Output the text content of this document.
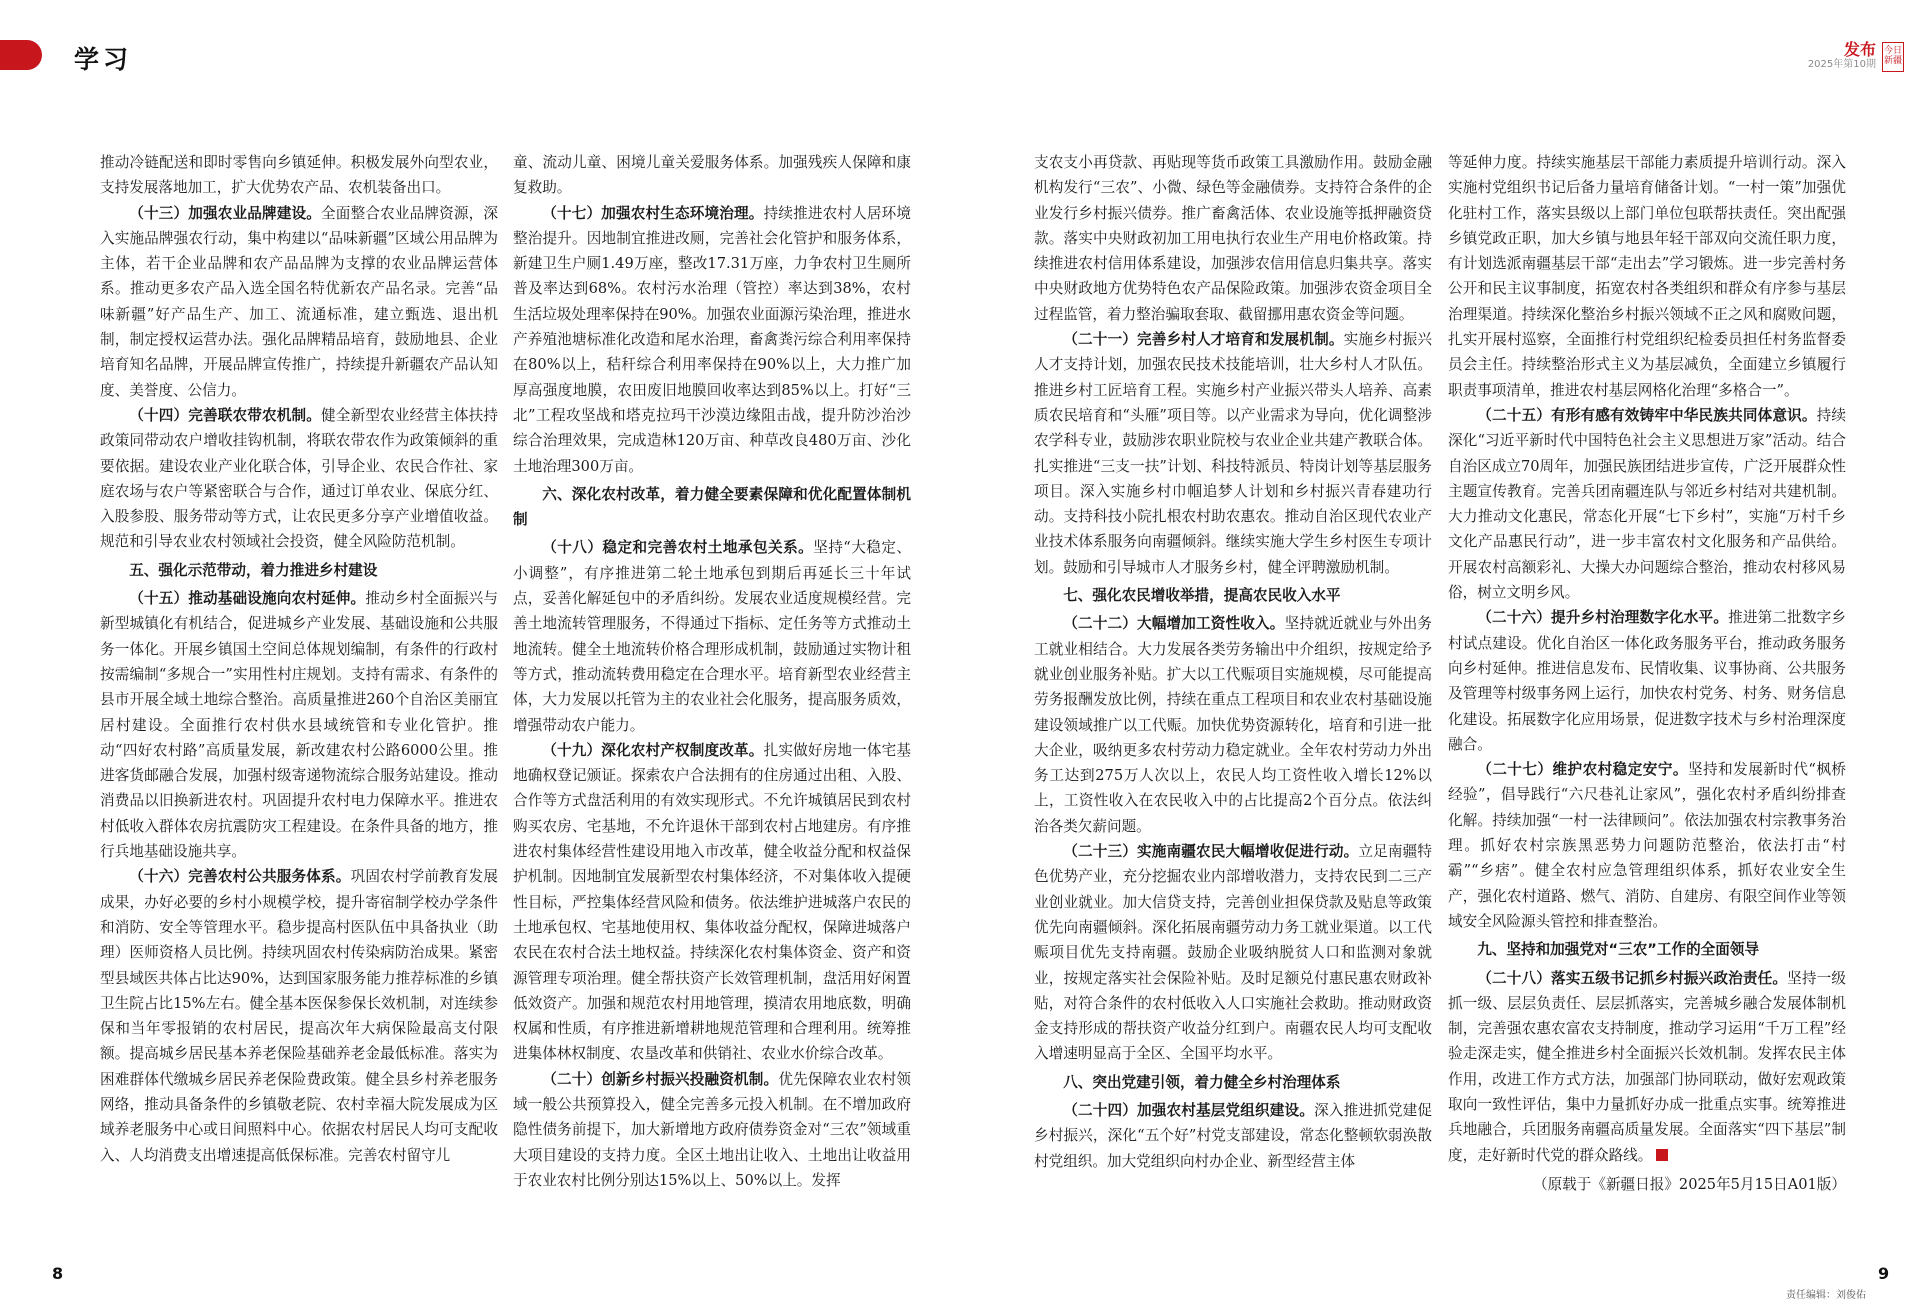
学习	发布
2025年第10期
今日新疆

推动冷链配送和即时零售向乡镇延伸。积极发展外向型农业，支持发展落地加工，扩大优势农产品、农机装备出口。

（十三）加强农业品牌建设。全面整合农业品牌资源，深入实施品牌强农行动，集中构建以“品味新疆”区域公用品牌为主体，若干企业品牌和农产品品牌为支撑的农业品牌运营体系。推动更多农产品入选全国名特优新农产品名录。完善“品味新疆”好产品生产、加工、流通标准，建立甄选、退出机制，制定授权运营办法。强化品牌精品培育，鼓励地县、企业培育知名品牌，开展品牌宣传推广，持续提升新疆农产品认知度、美誉度、公信力。

（十四）完善联农带农机制。健全新型农业经营主体扶持政策同带动农户增收挂钩机制，将联农带农作为政策倾斜的重要依据。建设农业产业化联合体，引导企业、农民合作社、家庭农场与农户等紧密联合与合作，通过订单农业、保底分红、入股参股、服务带动等方式，让农民更多分享产业增值收益。规范和引导农业农村领域社会投资，健全风险防范机制。

五、强化示范带动，着力推进乡村建设

（十五）推动基础设施向农村延伸。推动乡村全面振兴与新型城镇化有机结合，促进城乡产业发展、基础设施和公共服务一体化。开展乡镇国土空间总体规划编制，有条件的行政村按需编制“多规合一”实用性村庄规划。支持有需求、有条件的县市开展全域土地综合整治。高质量推进260个自治区美丽宜居村建设。全面推行农村供水县域统管和专业化管护。推动“四好农村路”高质量发展，新改建农村公路6000公里。推进客货邮融合发展，加强村级寄递物流综合服务站建设。推动消费品以旧换新进农村。巩固提升农村电力保障水平。推进农村低收入群体农房抗震防灾工程建设。在条件具备的地方，推行兵地基础设施共享。

（十六）完善农村公共服务体系。巩固农村学前教育发展成果，办好必要的乡村小规模学校，提升寄宿制学校办学条件和消防、安全等管理水平。稳步提高村医队伍中具备执业（助理）医师资格人员比例。持续巩固农村传染病防治成果。紧密型县域医共体占比达90%，达到国家服务能力推荐标准的乡镇卫生院占比15%左右。健全基本医保参保长效机制，对连续参保和当年零报销的农村居民，提高次年大病保险最高支付限额。提高城乡居民基本养老保险基础养老金最低标准。落实为困难群体代缴城乡居民养老保险费政策。健全县乡村养老服务网络，推动具备条件的乡镇敬老院、农村幸福大院发展成为区域养老服务中心或日间照料中心。依据农村居民人均可支配收入、人均消费支出增速提高低保标准。完善农村留守儿

童、流动儿童、困境儿童关爱服务体系。加强残疾人保障和康复救助。

（十七）加强农村生态环境治理。持续推进农村人居环境整治提升。因地制宜推进改厕，完善社会化管护和服务体系，新建卫生户厕1.49万座，整改17.31万座，力争农村卫生厕所普及率达到68%。农村污水治理（管控）率达到38%，农村生活垃圾处理率保持在90%。加强农业面源污染治理，推进水产养殖池塘标准化改造和尾水治理，畜禽粪污综合利用率保持在80%以上，秸秆综合利用率保持在90%以上，大力推广加厚高强度地膜，农田废旧地膜回收率达到85%以上。打好“三北”工程攻坚战和塔克拉玛干沙漠边缘阻击战，提升防沙治沙综合治理效果，完成造林120万亩、种草改良480万亩、沙化土地治理300万亩。

六、深化农村改革，着力健全要素保障和优化配置体制机制

（十八）稳定和完善农村土地承包关系。坚持“大稳定、小调整”，有序推进第二轮土地承包到期后再延长三十年试点，妥善化解延包中的矛盾纠纷。发展农业适度规模经营。完善土地流转管理服务，不得通过下指标、定任务等方式推动土地流转。健全土地流转价格合理形成机制，鼓励通过实物计租等方式，推动流转费用稳定在合理水平。培育新型农业经营主体，大力发展以托管为主的农业社会化服务，提高服务质效，增强带动农户能力。

（十九）深化农村产权制度改革。扎实做好房地一体宅基地确权登记颁证。探索农户合法拥有的住房通过出租、入股、合作等方式盘活利用的有效实现形式。不允许城镇居民到农村购买农房、宅基地，不允许退休干部到农村占地建房。有序推进农村集体经营性建设用地入市改革，健全收益分配和权益保护机制。因地制宜发展新型农村集体经济，不对集体收入提硬性目标，严控集体经营风险和债务。依法维护进城落户农民的土地承包权、宅基地使用权、集体收益分配权，保障进城落户农民在农村合法土地权益。持续深化农村集体资金、资产和资源管理专项治理。健全帮扶资产长效管理机制，盘活用好闲置低效资产。加强和规范农村用地管理，摸清农用地底数，明确权属和性质，有序推进新增耕地规范管理和合理利用。统筹推进集体林权制度、农垦改革和供销社、农业水价综合改革。

（二十）创新乡村振兴投融资机制。优先保障农业农村领域一般公共预算投入，健全完善多元投入机制。在不增加政府隐性债务前提下，加大新增地方政府债券资金对“三农”领域重大项目建设的支持力度。全区土地出让收入、土地出让收益用于农业农村比例分别达15%以上、50%以上。发挥

支农支小再贷款、再贴现等货币政策工具激励作用。鼓励金融机构发行“三农”、小微、绿色等金融债券。支持符合条件的企业发行乡村振兴债券。推广畜禽活体、农业设施等抵押融资贷款。落实中央财政初加工用电执行农业生产用电价格政策。持续推进农村信用体系建设，加强涉农信用信息归集共享。落实中央财政地方优势特色农产品保险政策。加强涉农资金项目全过程监管，着力整治骗取套取、截留挪用惠农资金等问题。

（二十一）完善乡村人才培育和发展机制。实施乡村振兴人才支持计划，加强农民技术技能培训，壮大乡村人才队伍。推进乡村工匠培育工程。实施乡村产业振兴带头人培养、高素质农民培育和“头雁”项目等。以产业需求为导向，优化调整涉农学科专业，鼓励涉农职业院校与农业企业共建产教联合体。扎实推进“三支一扶”计划、科技特派员、特岗计划等基层服务项目。深入实施乡村巾帼追梦人计划和乡村振兴青春建功行动。支持科技小院扎根农村助农惠农。推动自治区现代农业产业技术体系服务向南疆倾斜。继续实施大学生乡村医生专项计划。鼓励和引导城市人才服务乡村，健全评聘激励机制。

七、强化农民增收举措，提高农民收入水平

（二十二）大幅增加工资性收入。坚持就近就业与外出务工就业相结合。大力发展各类劳务输出中介组织，按规定给予就业创业服务补贴。扩大以工代赈项目实施规模，尽可能提高劳务报酬发放比例，持续在重点工程项目和农业农村基础设施建设领域推广以工代赈。加快优势资源转化，培育和引进一批大企业，吸纳更多农村劳动力稳定就业。全年农村劳动力外出务工达到275万人次以上，农民人均工资性收入增长12%以上，工资性收入在农民收入中的占比提高2个百分点。依法纠治各类欠薪问题。

（二十三）实施南疆农民大幅增收促进行动。立足南疆特色优势产业，充分挖掘农业内部增收潜力，支持农民到二三产业创业就业。加大信贷支持，完善创业担保贷款及贴息等政策优先向南疆倾斜。深化拓展南疆劳动力务工就业渠道。以工代赈项目优先支持南疆。鼓励企业吸纳脱贫人口和监测对象就业，按规定落实社会保险补贴。及时足额兑付惠民惠农财政补贴，对符合条件的农村低收入人口实施社会救助。推动财政资金支持形成的帮扶资产收益分红到户。南疆农民人均可支配收入增速明显高于全区、全国平均水平。

八、突出党建引领，着力健全乡村治理体系

（二十四）加强农村基层党组织建设。深入推进抓党建促乡村振兴，深化“五个好”村党支部建设，常态化整顿软弱涣散村党组织。加大党组织向村办企业、新型经营主体

等延伸力度。持续实施基层干部能力素质提升培训行动。深入实施村党组织书记后备力量培育储备计划。“一村一策”加强优化驻村工作，落实县级以上部门单位包联帮扶责任。突出配强乡镇党政正职，加大乡镇与地县年轻干部双向交流任职力度，有计划选派南疆基层干部“走出去”学习锻炼。进一步完善村务公开和民主议事制度，拓宽农村各类组织和群众有序参与基层治理渠道。持续深化整治乡村振兴领域不正之风和腐败问题，扎实开展村巡察，全面推行村党组织纪检委员担任村务监督委员会主任。持续整治形式主义为基层减负，全面建立乡镇履行职责事项清单，推进农村基层网格化治理“多格合一”。

（二十五）有形有感有效铸牢中华民族共同体意识。持续深化“习近平新时代中国特色社会主义思想进万家”活动。结合自治区成立70周年，加强民族团结进步宣传，广泛开展群众性主题宣传教育。完善兵团南疆连队与邻近乡村结对共建机制。大力推动文化惠民，常态化开展“七下乡村”，实施“万村千乡文化产品惠民行动”，进一步丰富农村文化服务和产品供给。开展农村高额彩礼、大操大办问题综合整治，推动农村移风易俗，树立文明乡风。

（二十六）提升乡村治理数字化水平。推进第二批数字乡村试点建设。优化自治区一体化政务服务平台，推动政务服务向乡村延伸。推进信息发布、民情收集、议事协商、公共服务及管理等村级事务网上运行，加快农村党务、村务、财务信息化建设。拓展数字化应用场景，促进数字技术与乡村治理深度融合。

（二十七）维护农村稳定安宁。坚持和发展新时代“枫桥经验”，倡导践行“六尺巷礼让家风”，强化农村矛盾纠纷排查化解。持续加强“一村一法律顾问”。依法加强农村宗教事务治理。抓好农村宗族黑恶势力问题防范整治，依法打击“村霸”“乡痞”。健全农村应急管理组织体系，抓好农业安全生产，强化农村道路、燃气、消防、自建房、有限空间作业等领域安全风险源头管控和排查整治。

九、坚持和加强党对“三农”工作的全面领导

（二十八）落实五级书记抓乡村振兴政治责任。坚持一级抓一级、层层负责任、层层抓落实，完善城乡融合发展体制机制，完善强农惠农富农支持制度，推动学习运用“千万工程”经验走深走实，健全推进乡村全面振兴长效机制。发挥农民主体作用，改进工作方式方法，加强部门协同联动，做好宏观政策取向一致性评估，集中力量抓好办成一批重点实事。统筹推进兵地融合，兵团服务南疆高质量发展。全面落实“四下基层”制度，走好新时代党的群众路线。

（原载于《新疆日报》2025年5月15日A01版）

8	9
责任编辑：刘俊佑
